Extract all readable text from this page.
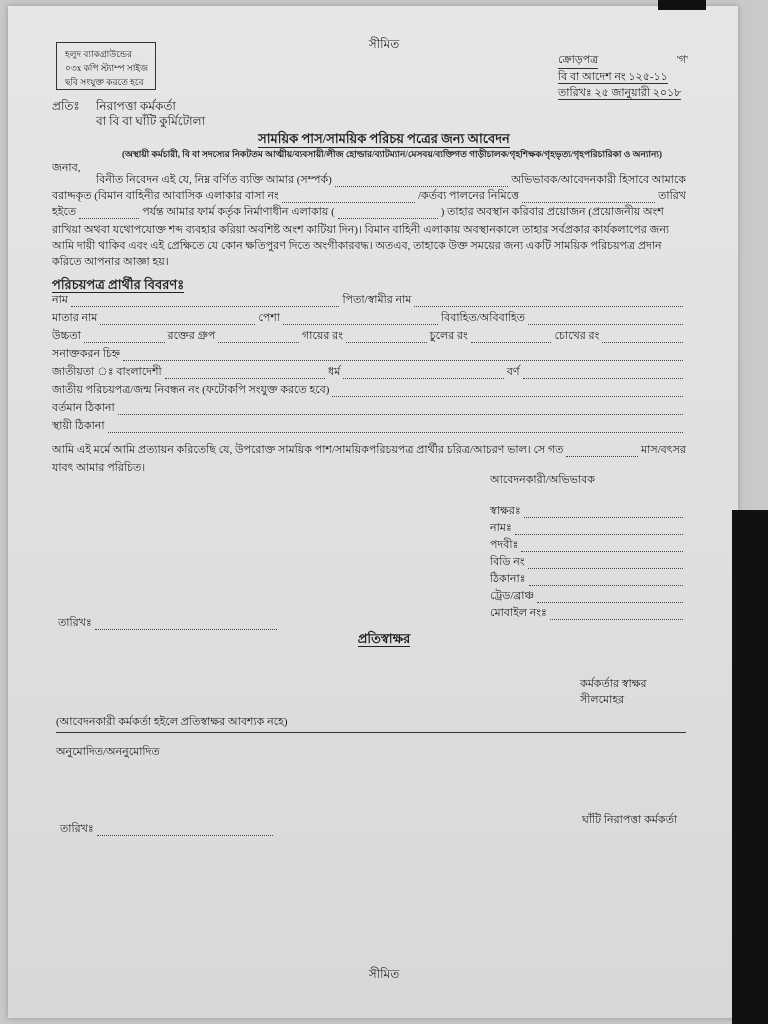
সীমিত
হলুদ ব্যাকগ্রাউন্ডের
০৩x কপি স্ট্যাম্প সাইজ
ছবি সংযুক্ত করতে হবে
ক্রোড়পত্র	'গ'
বি বা আদেশ নং ১২৫-১১
তারিখঃ ২৫ জানুয়ারী ২০১৮
প্রতিঃ নিরাপত্তা কর্মকর্তা
বা বি বা ঘাঁটি কুর্মিটোলা
সাময়িক পাস/সাময়িক পরিচয় পত্রের জন্য আবেদন
(অস্থায়ী কর্মচারী, বি বা সদস্যের নিকটতম আত্মীয়/ব্যবসায়ী/লীজ হোল্ডার/ব্যাটম্যান/মেসবয়/ব্যক্তিগত গাড়ীচালক/গৃহশিক্ষক/গৃহভৃত্য/গৃহপরিচারিকা ও অন্যান্য)
জনাব,
বিনীত নিবেদন এই যে, নিম্ন বর্ণিত ব্যক্তি আমার (সম্পর্ক)	অভিভাবক/আবেদনকারী হিসাবে আমাকে
বরাদ্দকৃত (বিমান বাহিনীর আবাসিক এলাকার বাসা নং	/কর্তব্য পালনের নিমিত্তে	তারিখ
হইতে	পর্যন্ত আমার ফার্ম কর্তৃক নির্মাণাধীন এলাকায় (	) তাহার অবস্থান করিবার প্রয়োজন (প্রয়োজনীয় অংশ
রাখিয়া অথবা যথোপযোক্ত শব্দ ব্যবহার করিয়া অবশিষ্ট অংশ কাটিয়া দিন)। বিমান বাহিনী এলাকায় অবস্থানকালে তাহার সর্বপ্রকার কার্যকলাপের জন্য
আমি দায়ী থাকিব এবং এই প্রেক্ষিতে যে কোন ক্ষতিপুরণ দিতে অংগীকারবদ্ধ। অতএব, তাহাকে উক্ত সময়ের জন্য একটি সাময়িক পরিচয়পত্র প্রদান
করিতে আপনার আজ্ঞা হয়।
পরিচয়পত্র প্রার্থীর বিবরণঃ
নাম	পিতা/স্বামীর নাম
মাতার নাম	পেশা	বিবাহিত/অবিবাহিত
উচ্চতা	রক্তের গ্রুপ	গায়ের রং	চুলের রং	চোখের রং
সনাক্তকরন চিহ্ন
জাতীয়তা ঃ বাংলাদেশী	ধর্ম	বর্ণ
জাতীয় পরিচয়পত্র/জন্ম নিবন্ধন নং (ফটোকপি সংযুক্ত করতে হবে)
বর্তমান ঠিকানা
স্থায়ী ঠিকানা
আমি এই মর্মে আমি প্রত্যায়ন করিতেছি যে, উপরোক্ত সাময়িক পাশ/সাময়িকপরিচয়পত্র প্রার্থীর চরিত্র/আচরণ ভাল। সে গত	মাস/বৎসর
যাবৎ আমার পরিচিত।
আবেদনকারী/অভিভাবক
স্বাক্ষরঃ
নামঃ
পদবীঃ
বিডি নং
ঠিকানাঃ
ট্রেড/ব্রাঞ্চ
মোবাইল নংঃ
তারিখঃ
প্রতিস্বাক্ষর
কর্মকর্তার স্বাক্ষর
সীলমোহর
(আবেদনকারী কর্মকর্তা হইলে প্রতিস্বাক্ষর আবশ্যক নহে)
অনুমোদিত/অননুমোদিত
ঘাঁটি নিরাপত্তা কর্মকর্তা
তারিখঃ
সীমিত
